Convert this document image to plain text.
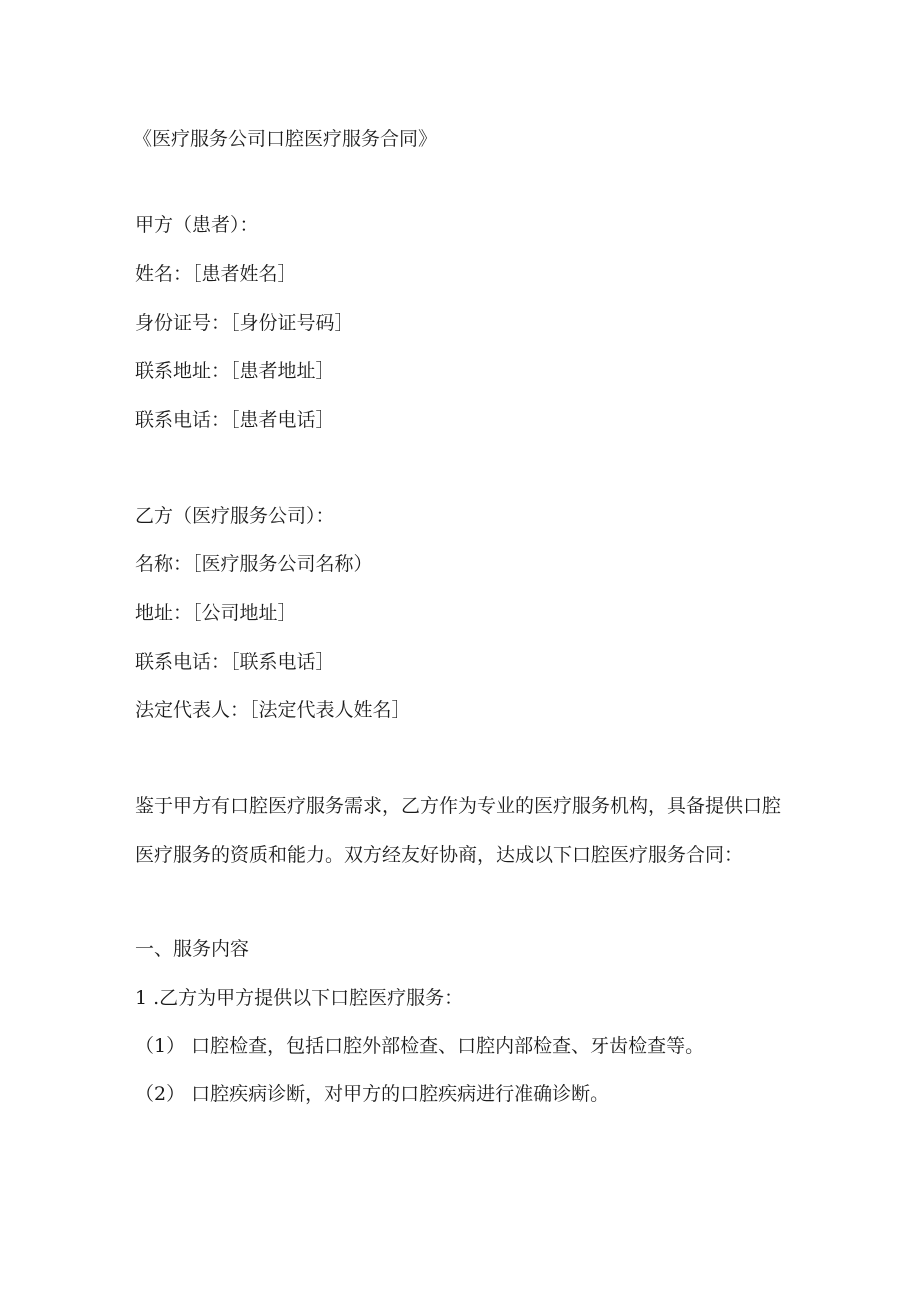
《医疗服务公司口腔医疗服务合同》
甲方（患者）：
姓名：［患者姓名］
身份证号：［身份证号码］
联系地址：［患者地址］
联系电话：［患者电话］
乙方（医疗服务公司）：
名称：［医疗服务公司名称）
地址：［公司地址］
联系电话：［联系电话］
法定代表人：［法定代表人姓名］
鉴于甲方有口腔医疗服务需求，乙方作为专业的医疗服务机构，具备提供口腔
医疗服务的资质和能力。双方经友好协商，达成以下口腔医疗服务合同：
一、服务内容
1 .乙方为甲方提供以下口腔医疗服务：
（1） 口腔检查，包括口腔外部检查、口腔内部检查、牙齿检查等。
（2） 口腔疾病诊断，对甲方的口腔疾病进行准确诊断。
